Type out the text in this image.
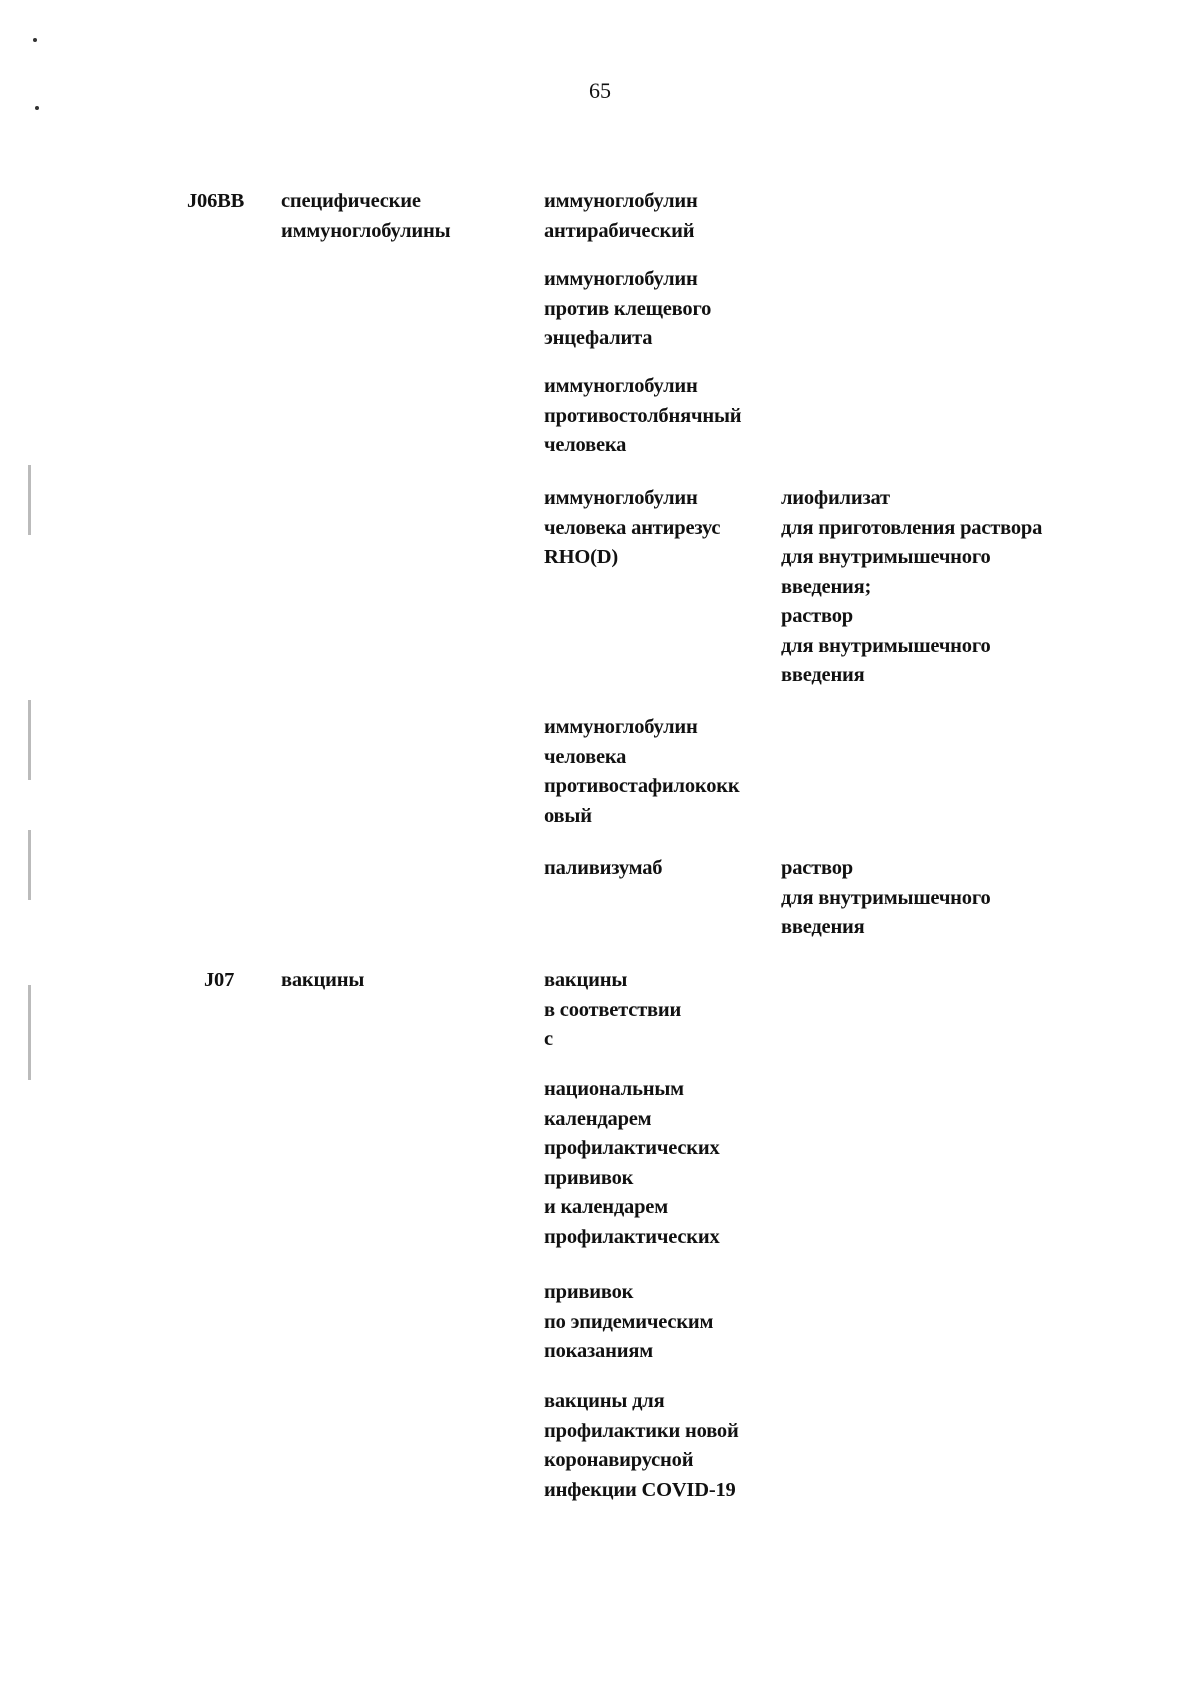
65
J06BB специфические
иммуноглобулины
иммуноглобулин
антирабический
иммуноглобулин
против клещевого
энцефалита
иммуноглобулин
противостолбнячный
человека
иммуноглобулин
человека антирезус
RHO(D)
лиофилизат
для приготовления раствора
для внутримышечного
введения;
раствор
для внутримышечного
введения
иммуноглобулин
человека
противостафилококк
овый
паливизумаб	раствор
для внутримышечного
введения
J07 вакцины	вакцины
в соответствии
с
национальным
календарем
профилактических
прививок
и календарем
профилактических
прививок
по эпидемическим
показаниям
вакцины для
профилактики новой
коронавирусной
инфекции COVID-19
